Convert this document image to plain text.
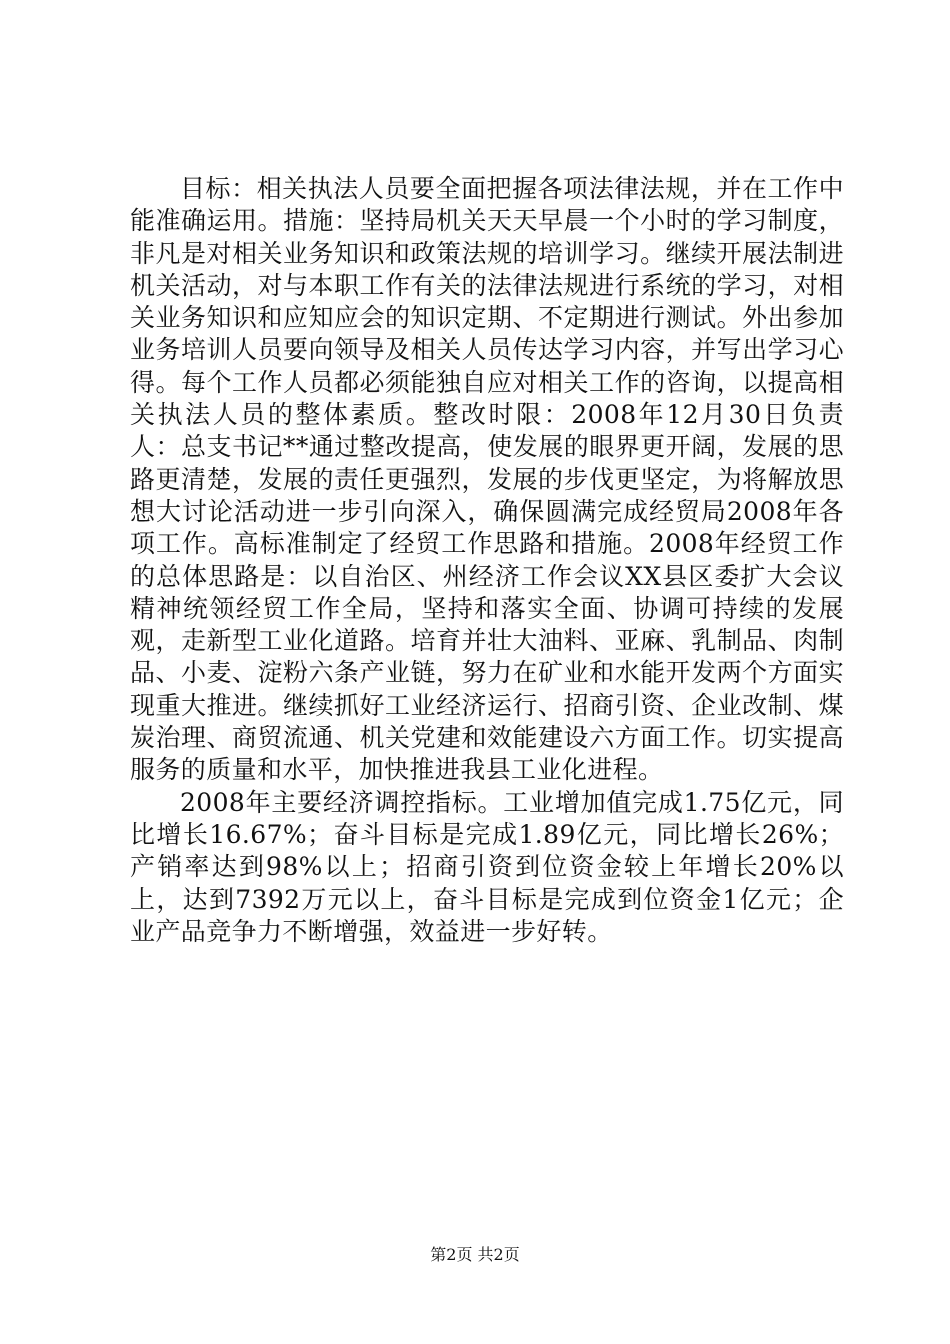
目标：相关执法人员要全面把握各项法律法规，并在工作中能准确运用。措施：坚持局机关天天早晨一个小时的学习制度，非凡是对相关业务知识和政策法规的培训学习。继续开展法制进机关活动，对与本职工作有关的法律法规进行系统的学习，对相关业务知识和应知应会的知识定期、不定期进行测试。外出参加业务培训人员要向领导及相关人员传达学习内容，并写出学习心得。每个工作人员都必须能独自应对相关工作的咨询，以提高相关执法人员的整体素质。整改时限：2008年12月30日负责人：总支书记**通过整改提高，使发展的眼界更开阔，发展的思路更清楚，发展的责任更强烈，发展的步伐更坚定，为将解放思想大讨论活动进一步引向深入，确保圆满完成经贸局2008年各项工作。高标准制定了经贸工作思路和措施。2008年经贸工作的总体思路是：以自治区、州经济工作会议XX县区委扩大会议精神统领经贸工作全局，坚持和落实全面、协调可持续的发展观，走新型工业化道路。培育并壮大油料、亚麻、乳制品、肉制品、小麦、淀粉六条产业链，努力在矿业和水能开发两个方面实现重大推进。继续抓好工业经济运行、招商引资、企业改制、煤炭治理、商贸流通、机关党建和效能建设六方面工作。切实提高服务的质量和水平，加快推进我县工业化进程。

2008年主要经济调控指标。工业增加值完成1.75亿元，同比增长16.67%；奋斗目标是完成1.89亿元，同比增长26%；产销率达到98%以上；招商引资到位资金较上年增长20%以上，达到7392万元以上，奋斗目标是完成到位资金1亿元；企业产品竞争力不断增强，效益进一步好转。

第2页 共2页
